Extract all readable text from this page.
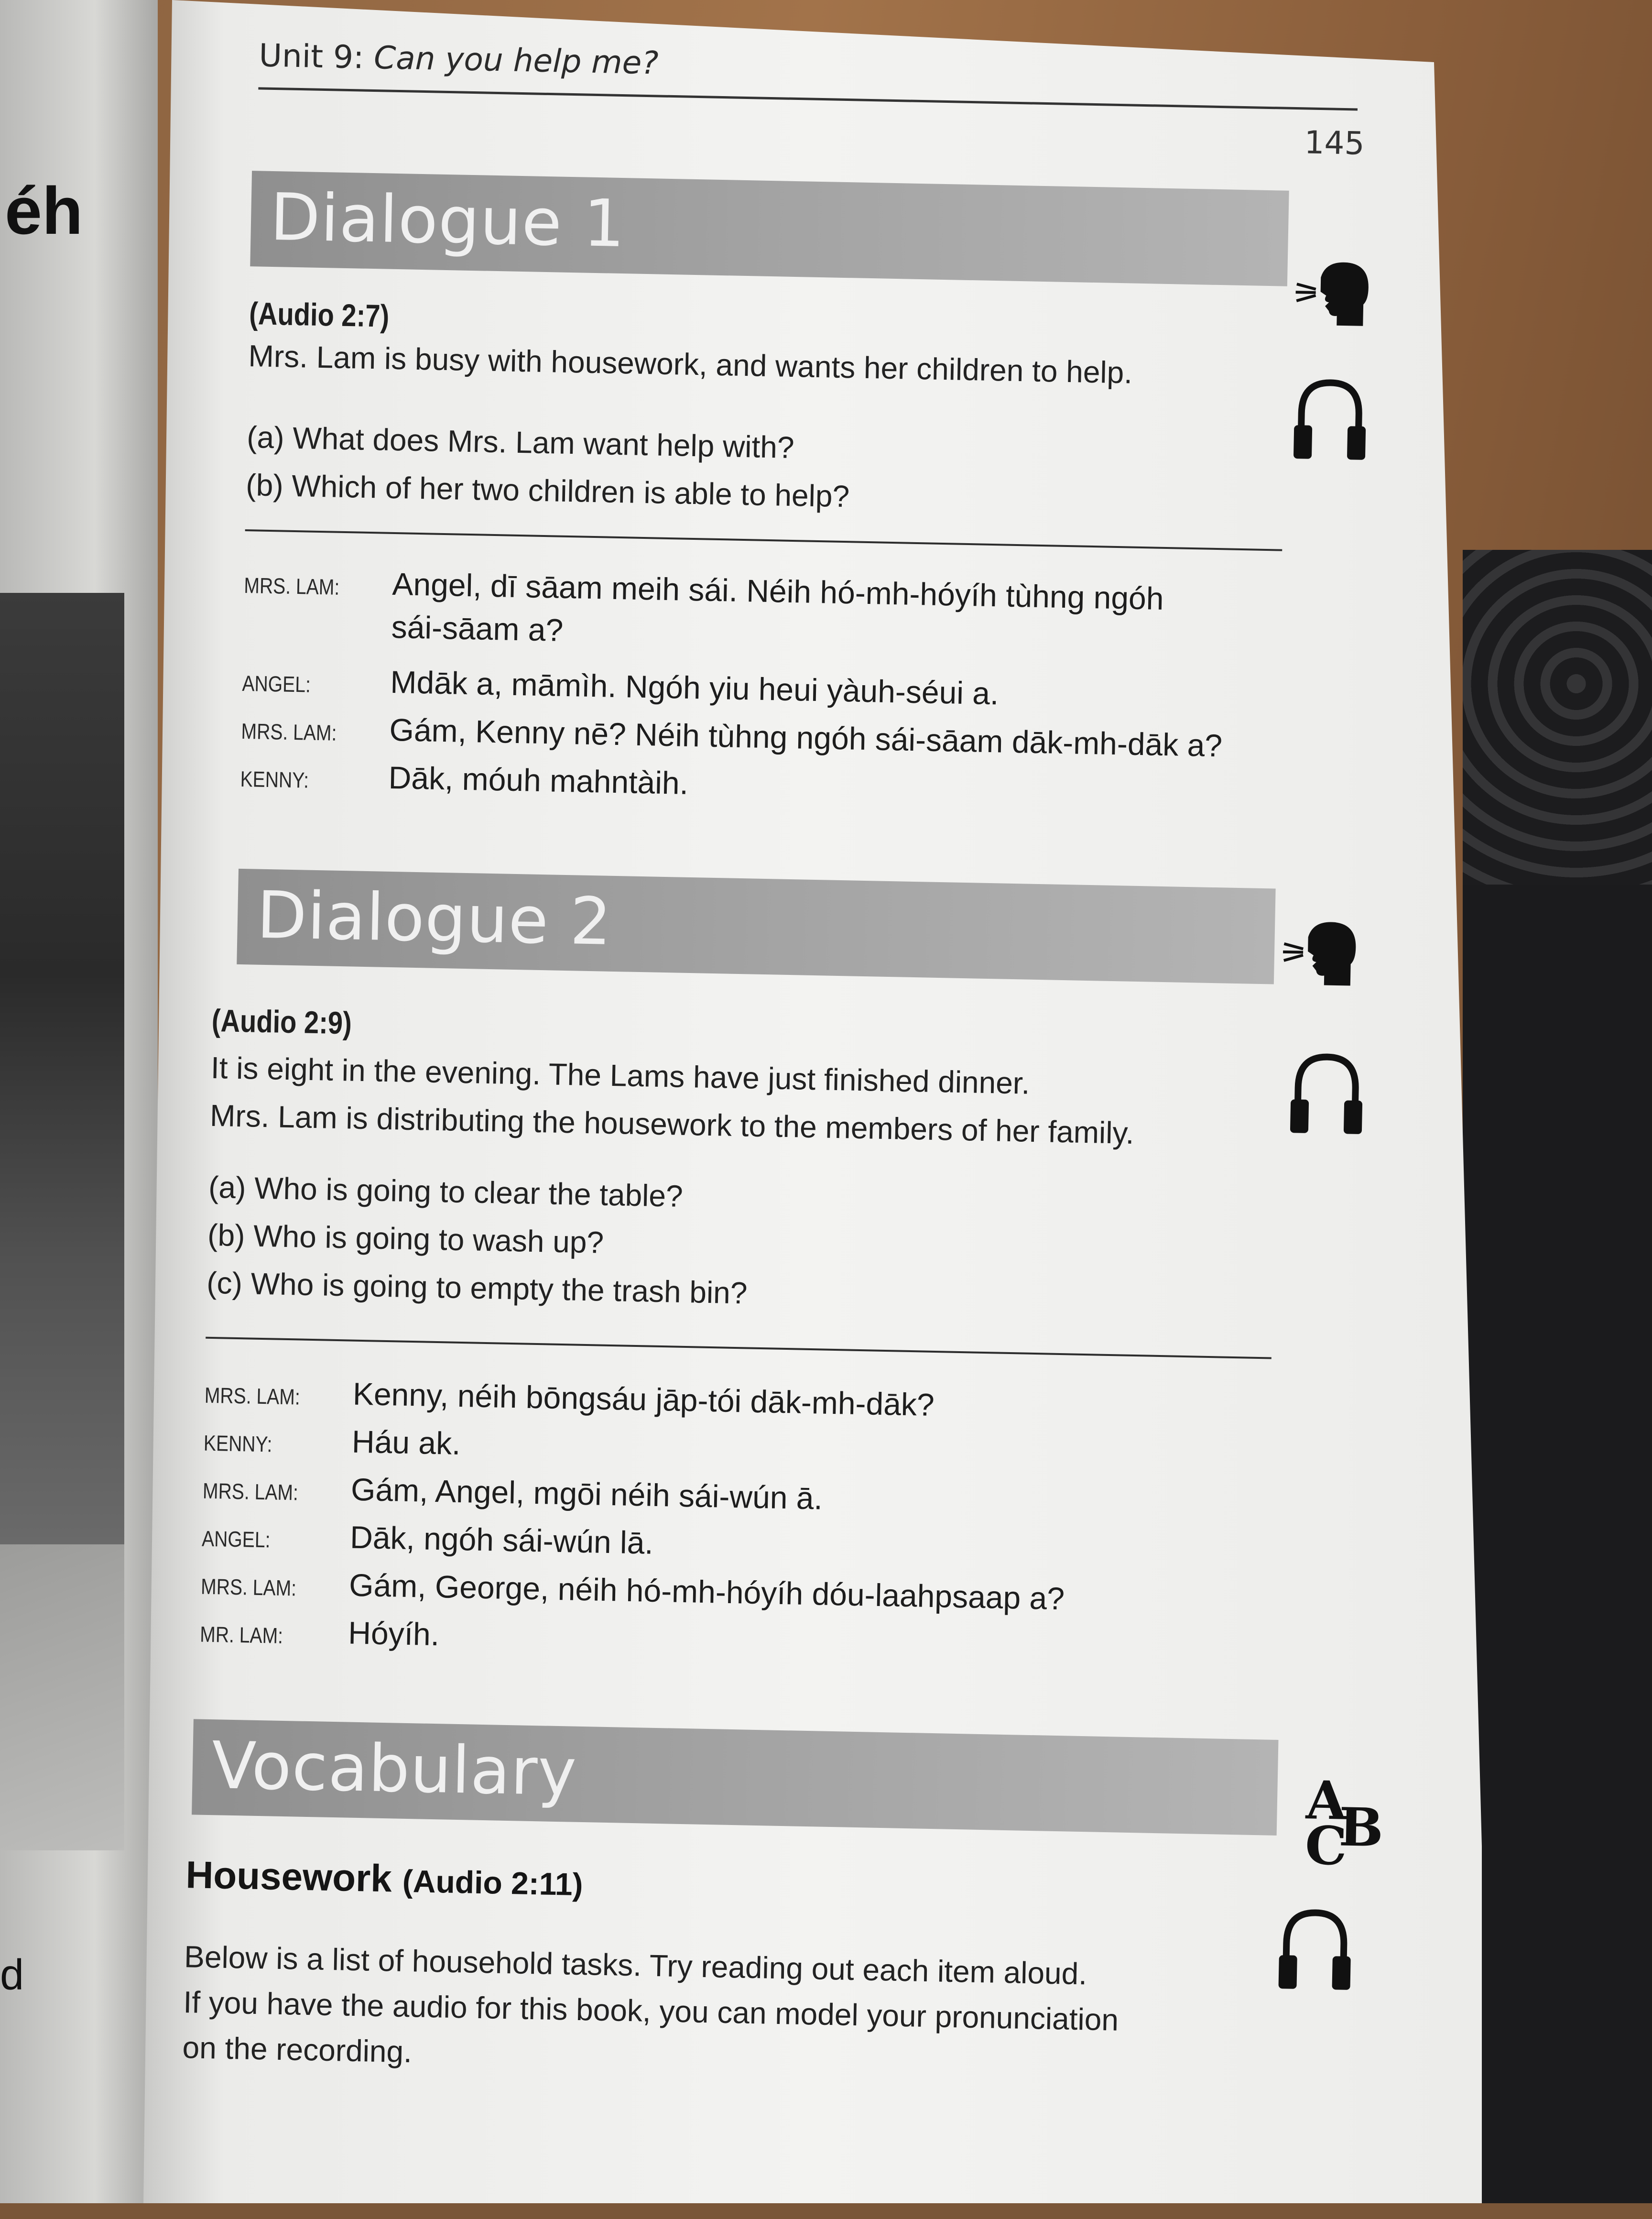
éh
d
Unit 9: Can you help me?
145
Dialogue 1
(Audio 2:7)
Mrs. Lam is busy with housework, and wants her children to help.
(a) What does Mrs. Lam want help with?
(b) Which of her two children is able to help?
MRS. LAM: Angel, dī sāam meih sái. Néih hó-mh-hóyíh tùhng ngóh
sái-sāam a?
ANGEL:	Mdāk a, māmìh. Ngóh yiu heui yàuh-séui a.
MRS. LAM: Gám, Kenny nē? Néih tùhng ngóh sái-sāam dāk-mh-dāk a?
KENNY:	Dāk, móuh mahntàih.
Dialogue 2
(Audio 2:9)
It is eight in the evening. The Lams have just finished dinner.
Mrs. Lam is distributing the housework to the members of her family.
(a) Who is going to clear the table?
(b) Who is going to wash up?
(c) Who is going to empty the trash bin?
MRS. LAM: Kenny, néih bōngsáu jāp-tói dāk-mh-dāk?
KENNY:	Háu ak.
MRS. LAM: Gám, Angel, mgōi néih sái-wún ā.
ANGEL:	Dāk, ngóh sái-wún lā.
MRS. LAM: Gám, George, néih hó-mh-hóyíh dóu-laahpsaap a?
MR. LAM: Hóyíh.
Vocabulary	A
C
B
Housework (Audio 2:11)
Below is a list of household tasks. Try reading out each item aloud.
If you have the audio for this book, you can model your pronunciation
on the recording.
